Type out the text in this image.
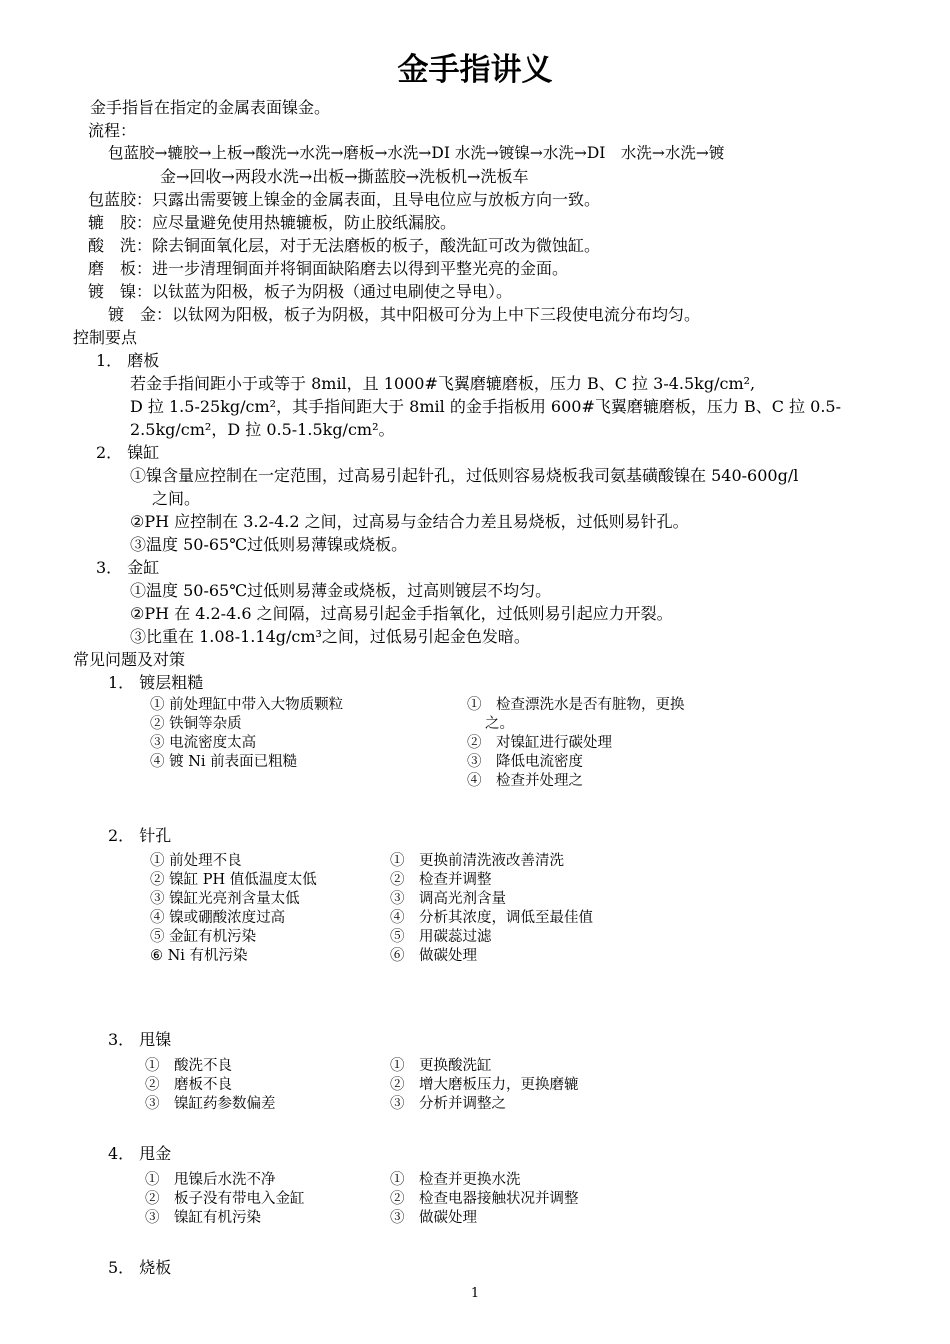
金手指讲义
金手指旨在指定的金属表面镍金。
流程：
包蓝胶→辘胶→上板→酸洗→水洗→磨板→水洗→DI 水洗→镀镍→水洗→DI　水洗→水洗→镀
金→回收→两段水洗→出板→撕蓝胶→洗板机→洗板车
包蓝胶：只露出需要镀上镍金的金属表面，且导电位应与放板方向一致。
辘　胶：应尽量避免使用热辘辘板，防止胶纸漏胶。
酸　洗：除去铜面氧化层，对于无法磨板的板子，酸洗缸可改为微蚀缸。
磨　板：进一步清理铜面并将铜面缺陷磨去以得到平整光亮的金面。
镀　镍：以钛蓝为阳极，板子为阴极（通过电刷使之导电）。
镀　金：以钛网为阳极，板子为阴极，其中阳极可分为上中下三段使电流分布均匀。
控制要点
1． 磨板
若金手指间距小于或等于 8mil，且 1000#飞翼磨辘磨板，压力 B、C 拉 3-4.5kg/cm²,
D 拉 1.5-25kg/cm²，其手指间距大于 8mil 的金手指板用 600#飞翼磨辘磨板，压力 B、C 拉 0.5-
2.5kg/cm²，D 拉 0.5-1.5kg/cm²。
2． 镍缸
①镍含量应控制在一定范围，过高易引起针孔，过低则容易烧板我司氨基磺酸镍在 540-600g/l
之间。
②PH 应控制在 3.2-4.2 之间，过高易与金结合力差且易烧板，过低则易针孔。
③温度 50-65℃过低则易薄镍或烧板。
3． 金缸
①温度 50-65℃过低则易薄金或烧板，过高则镀层不均匀。
②PH 在 4.2-4.6 之间隔，过高易引起金手指氧化，过低则易引起应力开裂。
③比重在 1.08-1.14g/cm³之间，过低易引起金色发暗。
常见问题及对策
1． 镀层粗糙
① 前处理缸中带入大物质颗粒
② 铁铜等杂质
③ 电流密度太高
④ 镀 Ni 前表面已粗糙
①　检查漂洗水是否有脏物，更换
之。
②　对镍缸进行碳处理
③　降低电流密度
④　检查并处理之
2． 针孔
① 前处理不良
② 镍缸 PH 值低温度太低
③ 镍缸光亮剂含量太低
④ 镍或硼酸浓度过高
⑤ 金缸有机污染
⑥ Ni 有机污染
①　更换前清洗液改善清洗
②　检查并调整
③　调高光剂含量
④　分析其浓度，调低至最佳值
⑤　用碳蕊过滤
⑥　做碳处理
3． 甩镍
①　酸洗不良
②　磨板不良
③　镍缸药参数偏差
①　更换酸洗缸
②　增大磨板压力，更换磨辘
③　分析并调整之
4． 甩金
①　甩镍后水洗不净
②　板子没有带电入金缸
③　镍缸有机污染
①　检查并更换水洗
②　检查电器接触状况并调整
③　做碳处理
5． 烧板
1
